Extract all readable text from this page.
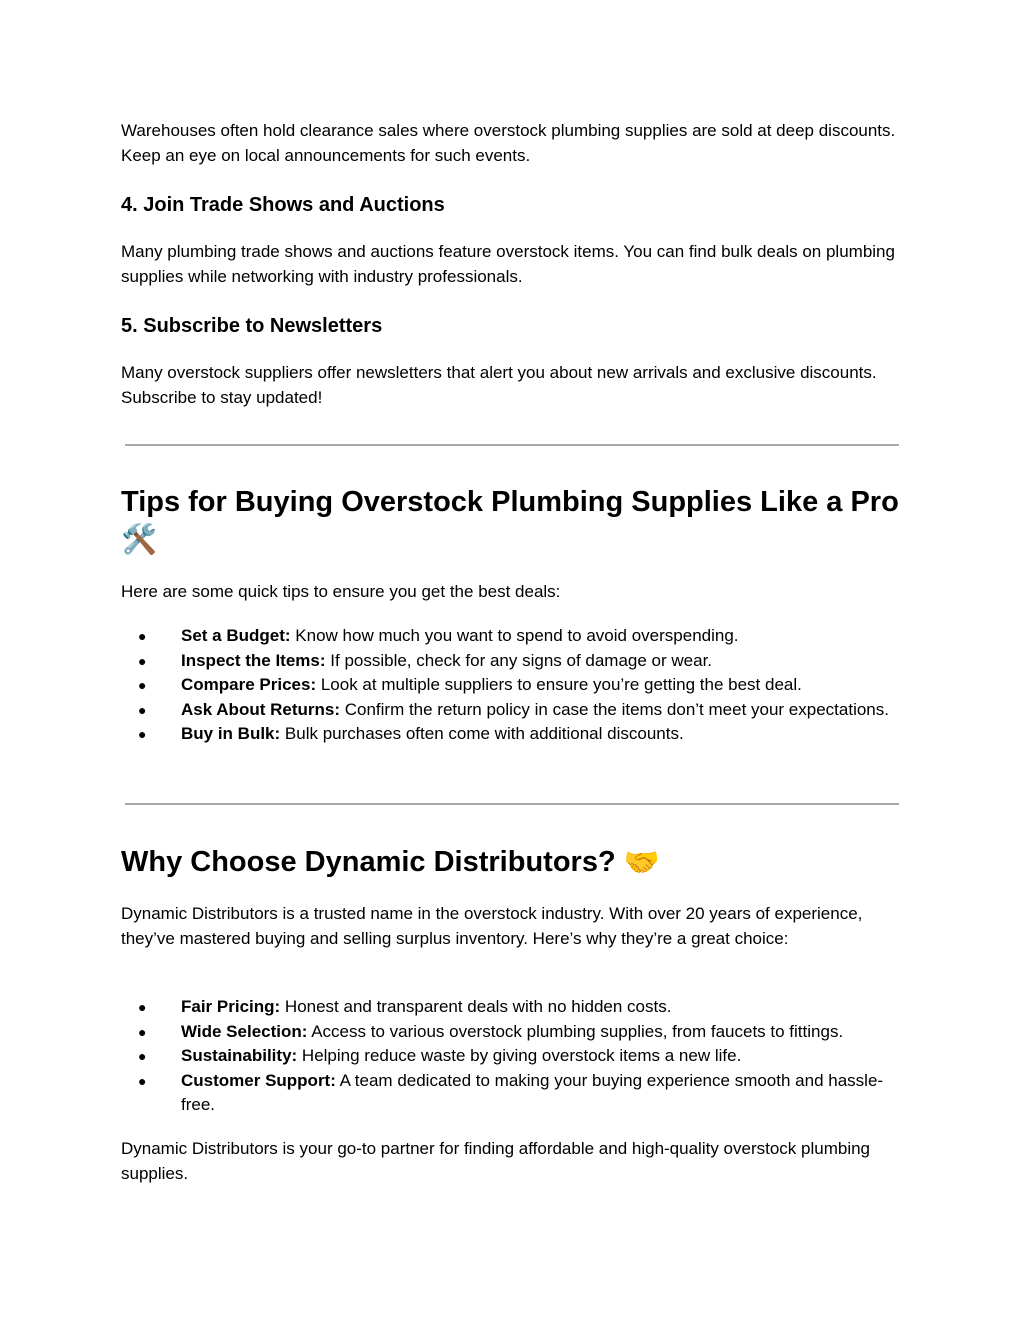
Warehouses often hold clearance sales where overstock plumbing supplies are sold at deep discounts. Keep an eye on local announcements for such events.

4. Join Trade Shows and Auctions

Many plumbing trade shows and auctions feature overstock items. You can find bulk deals on plumbing supplies while networking with industry professionals.

5. Subscribe to Newsletters

Many overstock suppliers offer newsletters that alert you about new arrivals and exclusive discounts. Subscribe to stay updated!

Tips for Buying Overstock Plumbing Supplies Like a Pro
🛠️

Here are some quick tips to ensure you get the best deals:

● Set a Budget: Know how much you want to spend to avoid overspending.
● Inspect the Items: If possible, check for any signs of damage or wear.
● Compare Prices: Look at multiple suppliers to ensure you’re getting the best deal.
● Ask About Returns: Confirm the return policy in case the items don’t meet your expectations.
● Buy in Bulk: Bulk purchases often come with additional discounts.
Why Choose Dynamic Distributors? 🤝

Dynamic Distributors is a trusted name in the overstock industry. With over 20 years of experience, they’ve mastered buying and selling surplus inventory. Here’s why they’re a great choice:

● Fair Pricing: Honest and transparent deals with no hidden costs.
● Wide Selection: Access to various overstock plumbing supplies, from faucets to fittings.
● Sustainability: Helping reduce waste by giving overstock items a new life.
● Customer Support: A team dedicated to making your buying experience smooth and hassle-free.

Dynamic Distributors is your go-to partner for finding affordable and high-quality overstock plumbing supplies.
